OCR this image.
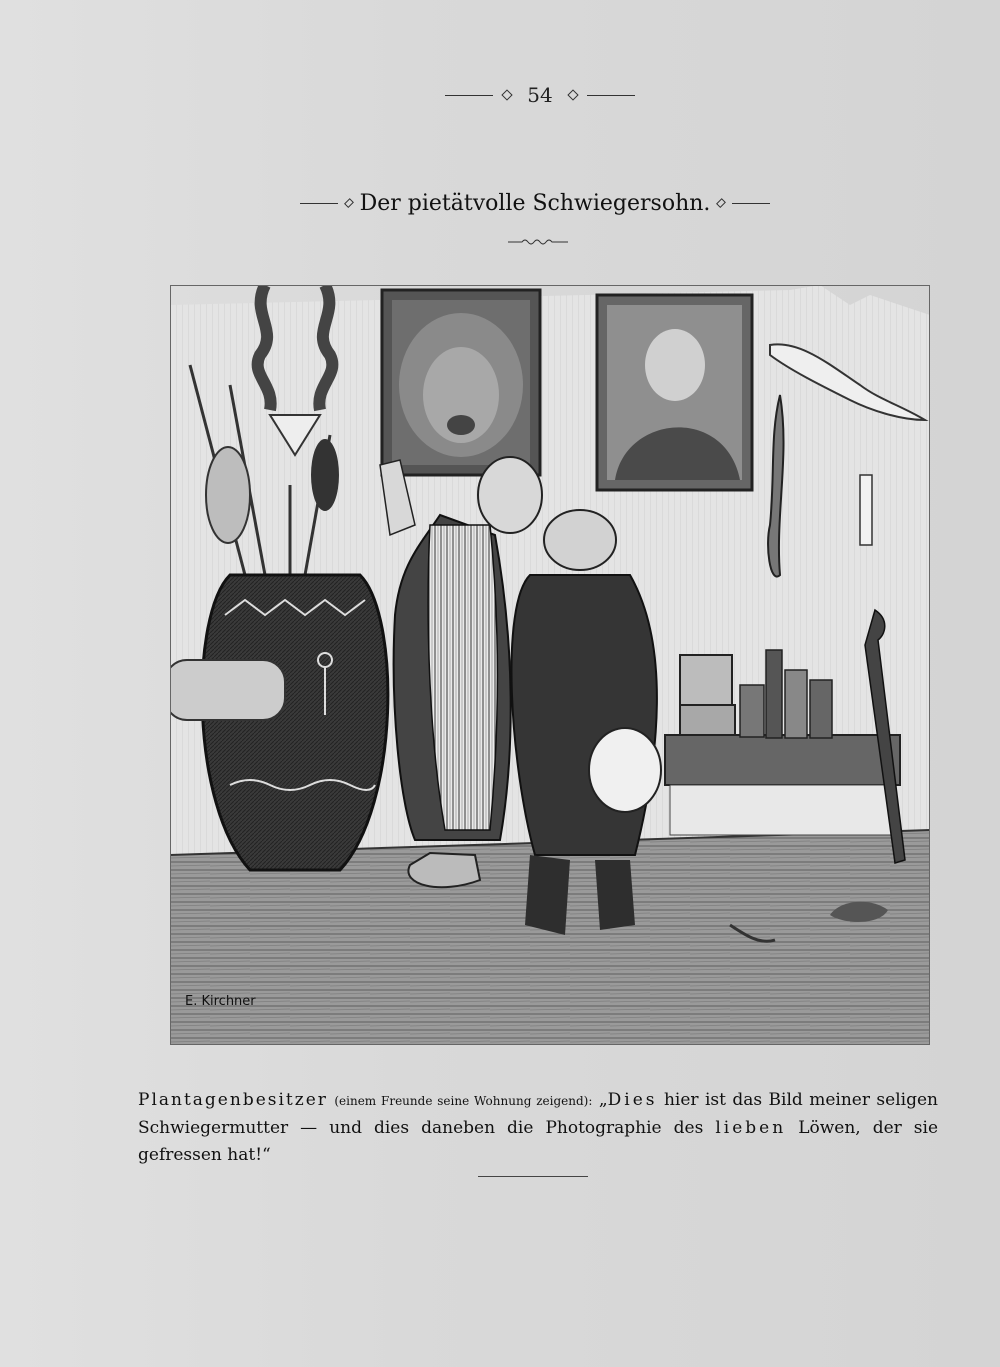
54
Der pietätvolle Schwiegersohn.
E. Kirchner

Plantagenbesitzer (einem Freunde seine Wohnung zeigend): „Dies hier ist das Bild meiner seligen Schwiegermutter — und dies daneben die Photographie des lieben Löwen, der sie gefressen hat!“
